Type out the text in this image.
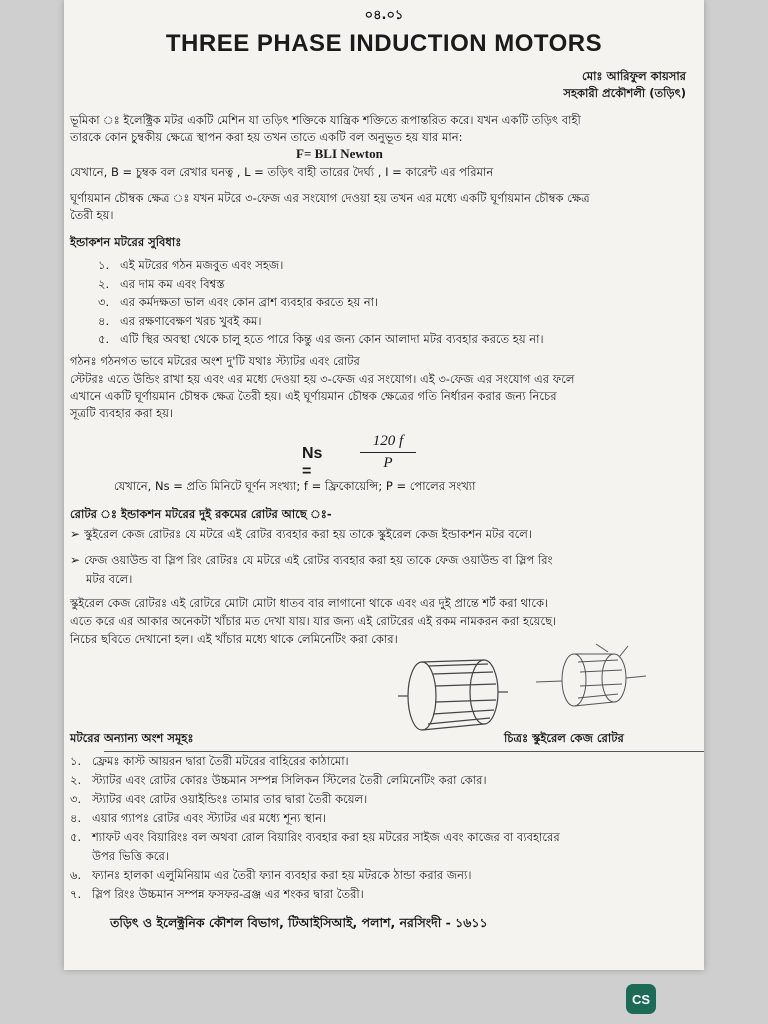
০৪.০১
THREE PHASE INDUCTION MOTORS
মোঃ আরিফুল কায়সার
সহকারী প্রকৌশলী (তড়িৎ)
ভূমিকা ঃ ইলেক্ট্রিক মটর একটি মেশিন যা তড়িৎ শক্তিকে যান্ত্রিক শক্তিতে রূপান্তরিত করে। যখন একটি তড়িৎ বাহী
তারকে কোন চুম্বকীয় ক্ষেত্রে স্থাপন করা হয় তখন তাতে একটি বল অনুভূত হয় যার মান:
F= BLI Newton
যেখানে, B = চুম্বক বল রেখার ঘনত্ব , L = তড়িৎ বাহী তারের দৈর্ঘ্য , I = কারেন্ট এর পরিমান
ঘূর্ণায়মান চৌম্বক ক্ষেত্র ঃ যখন মটরে ৩-ফেজ এর সংযোগ দেওয়া হয় তখন এর মধ্যে একটি ঘূর্ণায়মান চৌম্বক ক্ষেত্র
তৈরী হয়।
ইন্ডাকশন মটরের সুবিধাঃ
১. এই মটরের গঠন মজবুত এবং সহজ।
২. এর দাম কম এবং বিশ্বস্ত
৩. এর কর্মদক্ষতা ভাল এবং কোন ব্রাশ ব্যবহার করতে হয় না।
৪. এর রক্ষণাবেক্ষণ খরচ খুবই কম।
৫. এটি স্থির অবস্থা থেকে চালু হতে পারে কিন্তু এর জন্য কোন আলাদা মটর ব্যবহার করতে হয় না।
গঠনঃ গঠনগত ভাবে মটরের অংশ দু'টি যথাঃ স্ট্যাটর এবং রোটর
স্টেটরঃ এতে উন্ডিং রাখা হয় এবং এর মধ্যে দেওয়া হয় ৩-ফেজ এর সংযোগ। এই ৩-ফেজ এর সংযোগ এর ফলে
এখানে একটি ঘূর্ণায়মান চৌম্বক ক্ষেত্র তৈরী হয়। এই ঘূর্ণায়মান চৌম্বক ক্ষেত্রের গতি নির্ধারন করার জন্য নিচের
সূত্রটি ব্যবহার করা হয়।
Ns =
120 f
P
যেখানে, Ns = প্রতি মিনিটে ঘূর্ণন সংখ্যা; f = ফ্রিকোয়েন্সি; P = পোলের সংখ্যা
রোটর ঃ ইন্ডাকশন মটরের দুই রকমের রোটর আছে ঃ-
➢ স্কুইরেল কেজ রোটরঃ যে মটরে এই রোটর ব্যবহার করা হয় তাকে স্কুইরেল কেজ ইন্ডাকশন মটর বলে।
➢ ফেজ ওয়াউন্ড বা স্লিপ রিং রোটরঃ যে মটরে এই রোটর ব্যবহার করা হয় তাকে ফেজ ওয়াউন্ড বা স্লিপ রিং
মটর বলে।
স্কুইরেল কেজ রোটরঃ এই রোটরে মোটা মোটা ধাতব বার লাগানো থাকে এবং এর দুই প্রান্তে শর্ট করা থাকে।
এতে করে এর আকার অনেকটা খাঁচার মত দেখা যায়। যার জন্য এই রোটরের এই রকম নামকরন করা হয়েছে।
নিচের ছবিতে দেখানো হল। এই খাঁচার মধ্যে থাকে লেমিনেটিং করা কোর।
চিত্রঃ স্কুইরেল কেজ রোটর
মটরের অন্যান্য অংশ সমূহঃ
১. ফ্রেমঃ কাস্ট আয়রন দ্বারা তৈরী মটরের বাহিরের কাঠামো।
২. স্ট্যাটর এবং রোটর কোরঃ উচ্চমান সম্পন্ন সিলিকন স্টিলের তৈরী লেমিনেটিং করা কোর।
৩. স্ট্যাটর এবং রোটর ওয়াইন্ডিংঃ তামার তার দ্বারা তৈরী কয়েল।
৪. এয়ার গ্যাপঃ রোটর এবং স্ট্যাটর এর মধ্যে শূন্য স্থান।
৫. শ্যাফট এবং বিয়ারিংঃ বল অথবা রোল বিয়ারিং ব্যবহার করা হয় মটরের সাইজ এবং কাজের বা ব্যবহারের
উপর ভিত্তি করে।
৬. ফ্যানঃ হালকা এলুমিনিয়াম এর তৈরী ফ্যান ব্যবহার করা হয় মটরকে ঠান্ডা করার জন্য।
৭. স্লিপ রিংঃ উচ্চমান সম্পন্ন ফসফর-ব্রঞ্জ এর শংকর দ্বারা তৈরী।
তড়িৎ ও ইলেক্ট্রনিক কৌশল বিভাগ, টিআইসিআই, পলাশ, নরসিংদী - ১৬১১
CS
